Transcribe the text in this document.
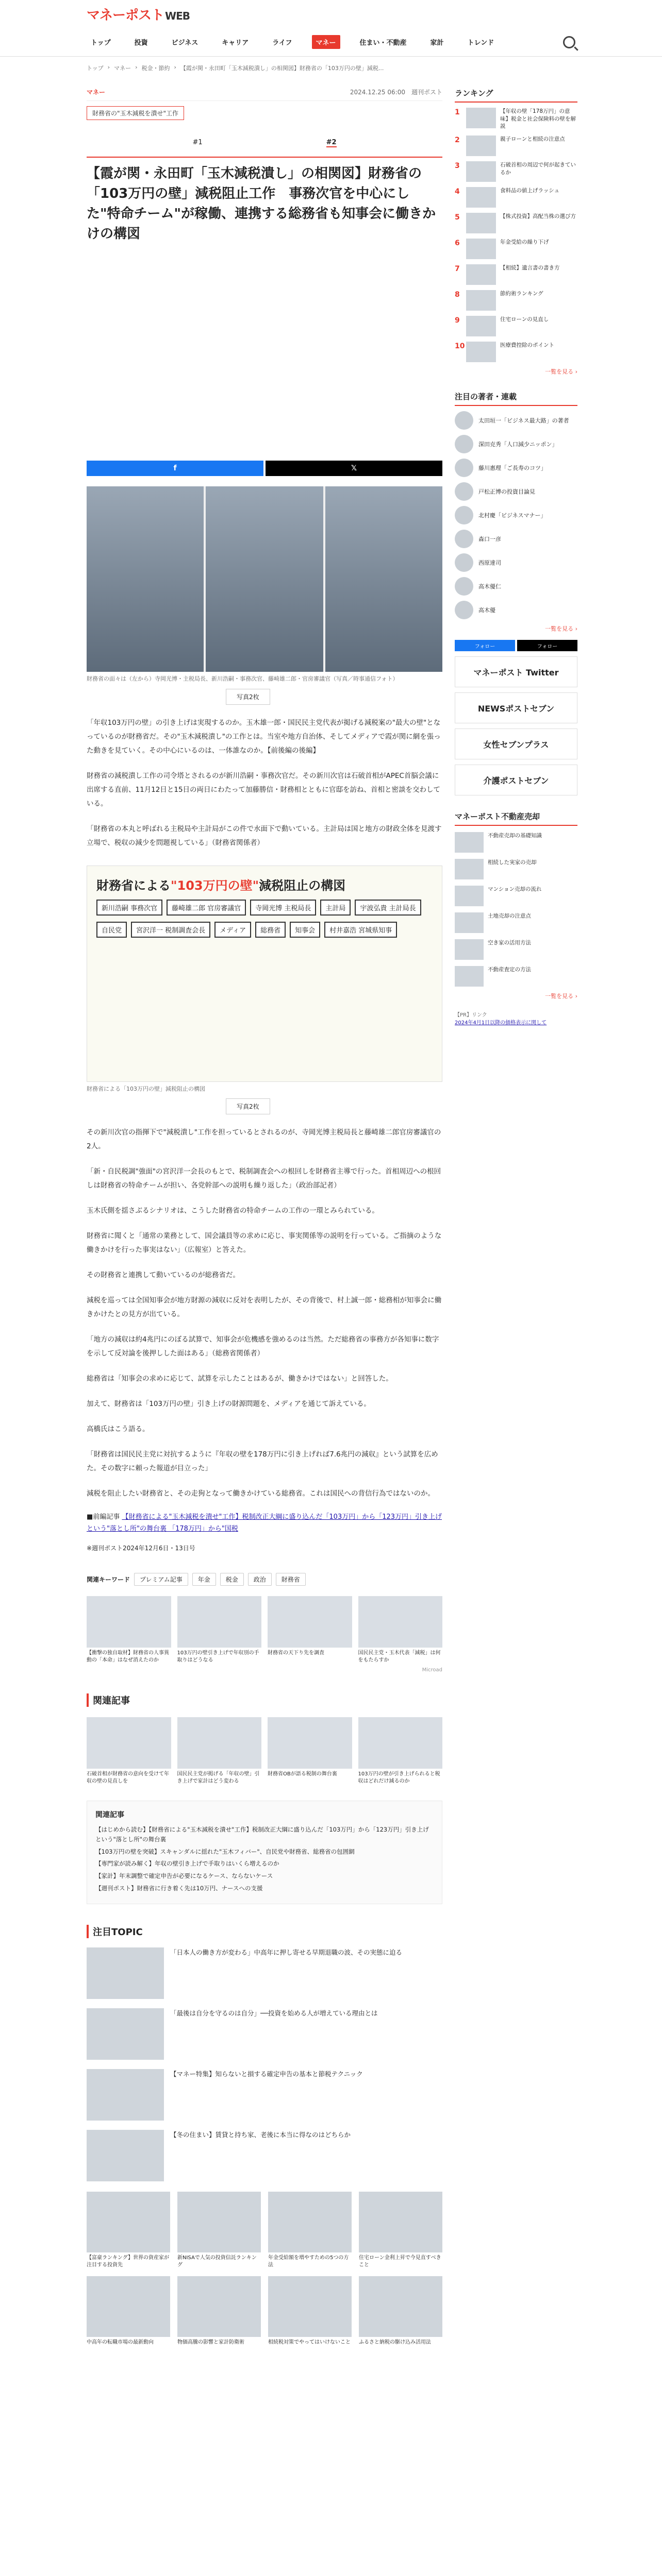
マネーポスト WEB
トップ	投資	ビジネス	キャリア	ライフ	マネー	住まい・不動産	家計	トレンド
トップ › マネー › 税金・節約 › 【霞が関・永田町「玉木減税潰し」の相関図】財務省の「103万円の壁」減税...
マネー	2024.12.25 06:00　 週刊ポスト
財務省の"玉木減税を潰せ"工作
#1	#2
【霞が関・永田町「玉木減税潰し」の相関図】財務省の「103万円の壁」減税阻止工作　事務次官を中心にした"特命チーム"が稼働、連携する総務省も知事会に働きかけの構図
f	𝕏
財務省の面々は（左から）寺岡光博・主税局長、新川浩嗣・事務次官、藤崎雄二郎・官房審議官（写真／時事通信フォト）
写真2枚

「年収103万円の壁」の引き上げは実現するのか。玉木雄一郎・国民民主党代表が掲げる減税案の"最大の壁"となっているのが財務省だ。その"玉木減税潰し"の工作とは。当室や地方自治体、そしてメディアで霞が関に網を張った動きを見ていく。その中心にいるのは、一体誰なのか。【前後編の後編】

財務省の減税潰し工作の司令塔とされるのが新川浩嗣・事務次官だ。その新川次官は石破首相がAPEC首脳会議に出席する直前、11月12日と15日の両日にわたって加藤勝信・財務相とともに官邸を訪ね、首相と密談を交わしている。

「財務省の本丸と呼ばれる主税局や主計局がこの件で水面下で動いている。主計局は国と地方の財政全体を見渡す立場で、税収の減少を問題視している」（財務省関係者）

財務省による"103万円の壁"減税阻止の構図
新川浩嗣 事務次官 藤崎雄二郎 官房審議官 寺岡光博 主税局長 主計局 宇波弘貴 主計局長自民党 宮沢洋一 税制調査会長 メディア 総務省 知事会 村井嘉浩 宮城県知事
財務省による「103万円の壁」減税阻止の構図
写真2枚

その新川次官の指揮下で"減税潰し"工作を担っているとされるのが、寺岡光博主税局長と藤崎雄二郎官房審議官の2人。

「新・自民税調"強面"の宮沢洋一会長のもとで、税制調査会への根回しを財務省主導で行った。首相周辺への根回しは財務省の特命チームが担い、各党幹部への説明も繰り返した」（政治部記者）

玉木氏側を揺さぶるシナリオは、こうした財務省の特命チームの工作の一環とみられている。

財務省に聞くと「通常の業務として、国会議員等の求めに応じ、事実関係等の説明を行っている。ご指摘のような働きかけを行った事実はない」（広報室）と答えた。

その財務省と連携して動いているのが総務省だ。

減税を巡っては全国知事会が地方財源の減収に反対を表明したが、その背後で、村上誠一郎・総務相が知事会に働きかけたとの見方が出ている。

「地方の減収は約4兆円にのぼる試算で、知事会が危機感を強めるのは当然。ただ総務省の事務方が各知事に数字を示して反対論を後押しした面はある」（総務省関係者）

総務省は「知事会の求めに応じて、試算を示したことはあるが、働きかけではない」と回答した。

加えて、財務省は「103万円の壁」引き上げの財源問題を、メディアを通じて訴えている。

高橋氏はこう語る。

「財務省は国民民主党に対抗するように『年収の壁を178万円に引き上げれば7.6兆円の減収』という試算を広めた。その数字に頼った報道が目立った」

減税を阻止したい財務省と、その走狗となって働きかけている総務省。これは国民への背信行為ではないのか。

■前編記事 【財務省による"玉木減税を潰せ"工作】税制改正大綱に盛り込んだ「103万円」から「123万円」引き上げという"落とし所"の舞台裏 「178万円」から"国税
※週刊ポスト2024年12月6日・13日号
関連キーワード	プレミアム記事	年金	税金	政治	財務省
【衝撃の独自取材】財務省の人事異動の「本命」はなぜ消えたのか
103万円の壁引き上げで年収別の手取りはどうなる
財務省の天下り先を調査	国民民主党・玉木代表「減税」は何をもたらすか
Microad
関連記事
石破首相が財務省の意向を受けて年収の壁の見直しを
国民民主党が掲げる「年収の壁」引き上げで家計はどう変わる
財務省OBが語る税制の舞台裏	103万円の壁が引き上げられると税収はどれだけ減るのか
関連記事
【はじめから読む】【財務省による"玉木減税を潰せ"工作】税制改正大綱に盛り込んだ「103万円」から「123万円」引き上げという"落とし所"の舞台裏
【103万円の壁を突破】スキャンダルに揺れた"玉木フィバー"、自民党や財務省、総務省の包囲網
【専門家が読み解く】年収の壁引き上げで手取りはいくら増えるのか
【家計】年末調整で確定申告が必要になるケース、ならないケース
【週刊ポスト】財務省に行き着く先は10万円、ナースへの支援
注目TOPIC
「日本人の働き方が変わる」中高年に押し寄せる早期退職の波、その実態に迫る
「最後は自分を守るのは自分」──投資を始める人が増えている理由とは
【マネー特集】知らないと損する確定申告の基本と節税テクニック
【冬の住まい】賃貸と持ち家、老後に本当に得なのはどちらか
【富豪ランキング】世界の資産家が注目する投資先
新NISAで人気の投資信託ランキング
年金受給額を増やすための5つの方法
住宅ローン金利上昇で今見直すべきこと
中高年の転職市場の最新動向	物価高騰の影響と家計防衛術	相続税対策でやってはいけないこと ふるさと納税の駆け込み活用法
ランキング
1	【年収の壁「178万円」の意味】税金と社会保険料の壁を解説
2	親子ローンと相続の注意点
3	石破首相の周辺で何が起きているか
4	食料品の値上げラッシュ
5	【株式投資】高配当株の選び方
6	年金受給の繰り下げ
7	【相続】遺言書の書き方
8	節約術ランキング
9	住宅ローンの見直し
10	医療費控除のポイント
一覧を見る ›
注目の著者・連載
太田垣一「ビジネス最大路」の著者
深田克秀「人口減少ニッポン」
藤川惠理「ご長寿のコツ」
戸松正博の投資目論見
北村慶「ビジネスマナー」
森口一彦
西原達司
高木優仁
高木優
一覧を見る ›
フォロー	フォロー
マネーポスト Twitter
NEWSポストセブン
女性セブンプラス
介護ポストセブン
マネーポスト不動産売却
不動産売却の基礎知識
相続した実家の売却
マンション売却の流れ
土地売却の注意点
空き家の活用方法
不動産査定の方法
一覧を見る ›
【PR】リンク
2024年4月1日以降の価格表示に関して
